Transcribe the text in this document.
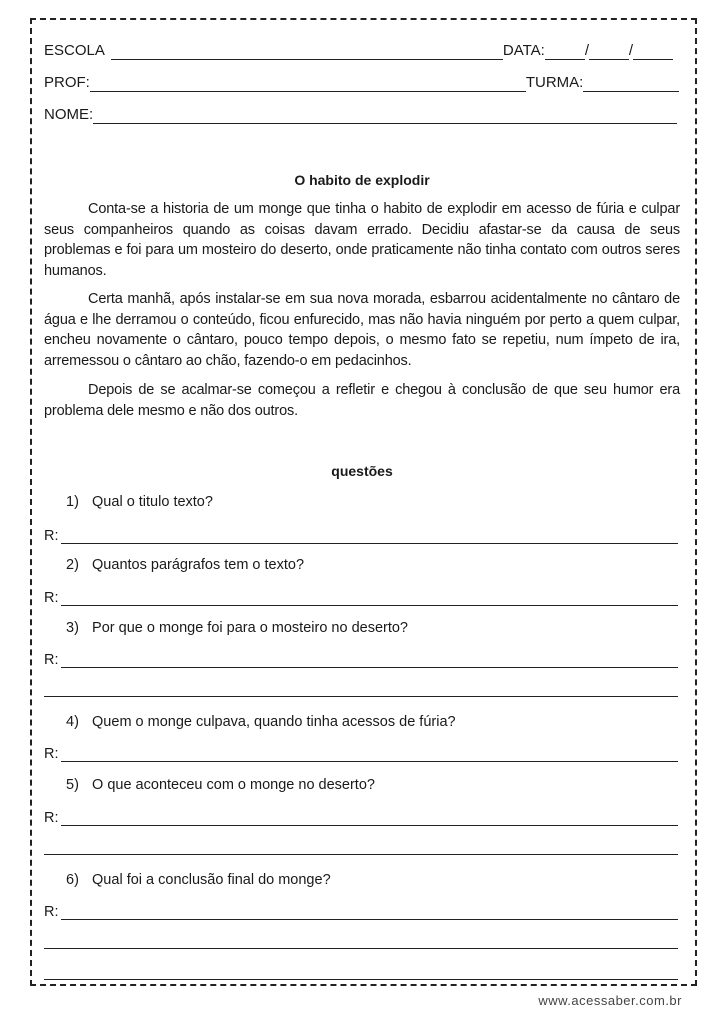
ESCOLA	DATA:	/	/
PROF:	TURMA:
NOME:
O habito de explodir

Conta-se a historia de um monge que tinha o habito de explodir em acesso de fúria e culpar seus companheiros quando as coisas davam errado. Decidiu afastar-se da causa de seus problemas e foi para um mosteiro do deserto, onde praticamente não tinha contato com outros seres humanos.

Certa manhã, após instalar-se em sua nova morada, esbarrou acidentalmente no cântaro de água e lhe derramou o conteúdo, ficou enfurecido, mas não havia ninguém por perto a quem culpar, encheu novamente o cântaro, pouco tempo depois, o mesmo fato se repetiu, num ímpeto de ira, arremessou o cântaro ao chão, fazendo-o em pedacinhos.

Depois de se acalmar-se começou a refletir e chegou à conclusão de que seu humor era problema dele mesmo e não dos outros.

questões
1) Qual o titulo texto?
R:
2) Quantos parágrafos tem o texto?
R:
3) Por que o monge foi para o mosteiro no deserto?
R:
4) Quem o monge culpava, quando tinha acessos de fúria?
R:
5) O que aconteceu com o monge no deserto?
R:
6) Qual foi a conclusão final do monge?
R:
www.acessaber.com.br
